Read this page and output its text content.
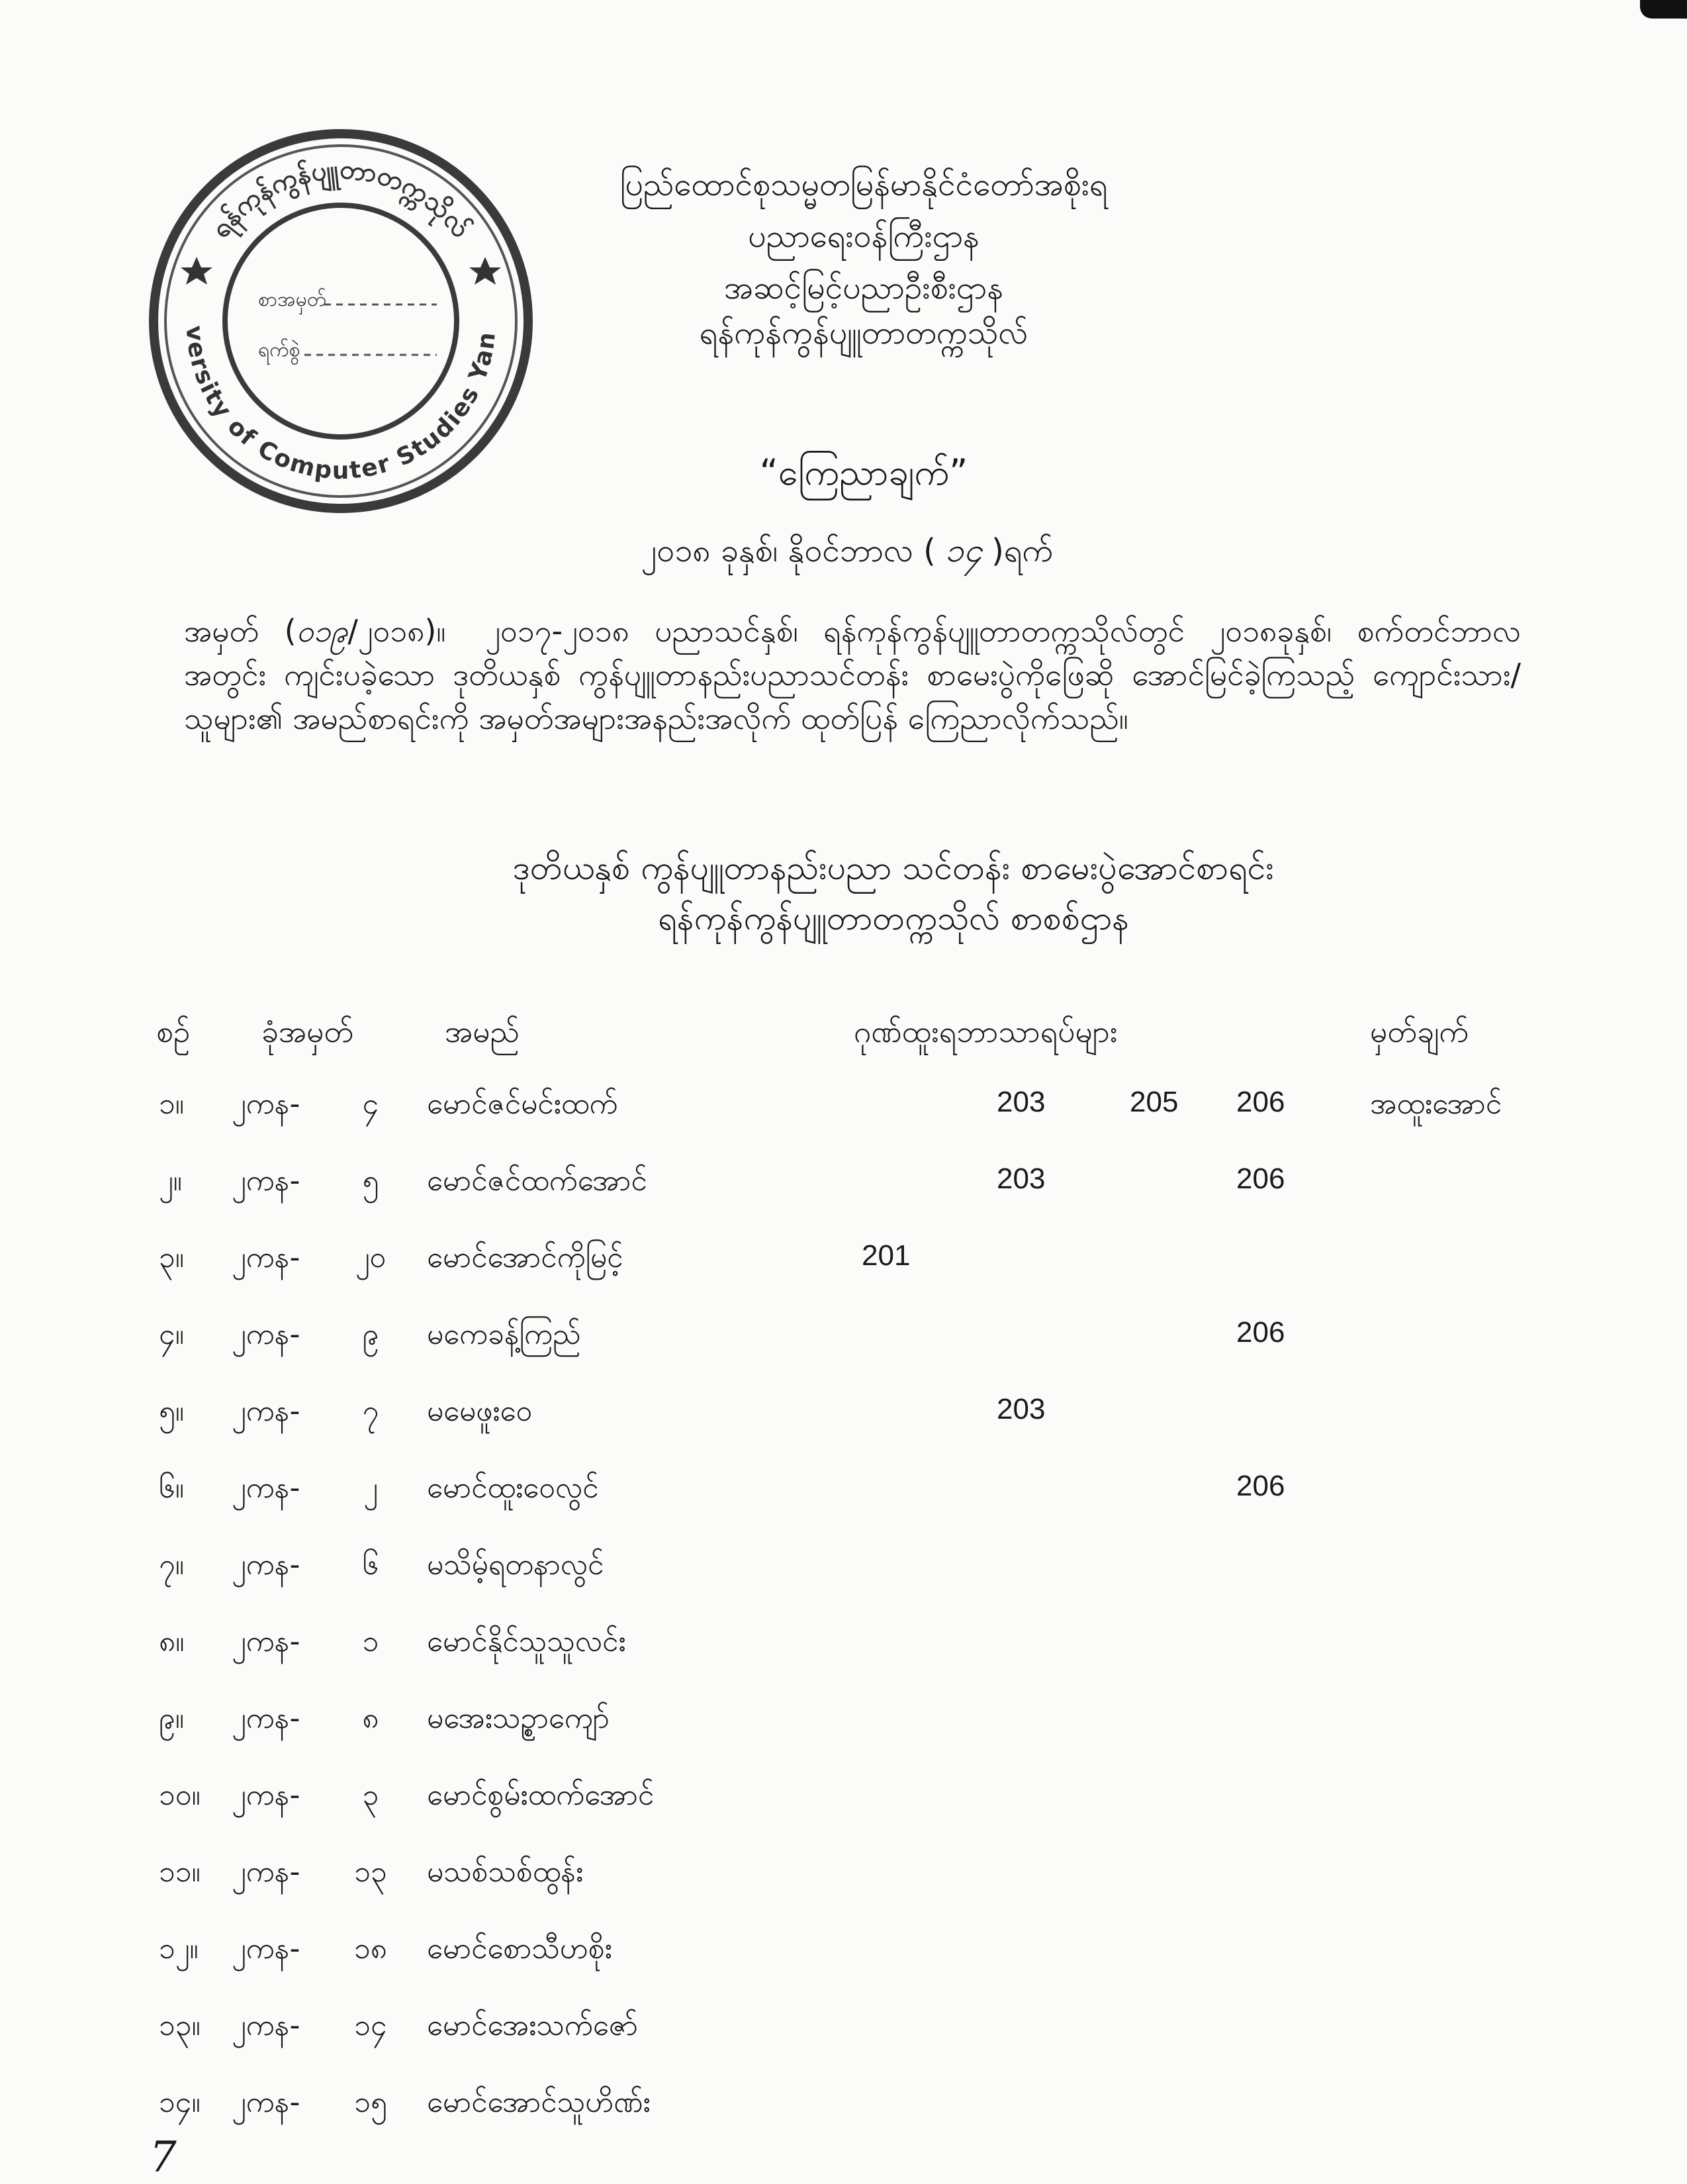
ရန်ကုန်ကွန်ပျူတာတက္ကသိုလ်
versity of Computer Studies Yan
စာအမှတ်
ရက်စွဲ
ပြည်ထောင်စုသမ္မတမြန်မာနိုင်ငံတော်အစိုးရ
ပညာရေးဝန်ကြီးဌာန
အဆင့်မြင့်ပညာဦးစီးဌာန
ရန်ကုန်ကွန်ပျူတာတက္ကသိုလ်
“ကြေညာချက်”
၂၀၁၈ ခုနှစ်၊ နိုဝင်ဘာလ ( ၁၄ )ရက်
အမှတ် (၀၁၉/၂၀၁၈)။ ၂၀၁၇-၂၀၁၈ ပညာသင်နှစ်၊ ရန်ကုန်ကွန်ပျူတာတက္ကသိုလ်တွင် ၂၀၁၈ခုနှစ်၊ စက်တင်ဘာလအတွင်း ကျင်းပခဲ့သော ဒုတိယနှစ် ကွန်ပျူတာနည်းပညာသင်တန်း စာမေးပွဲကိုဖြေဆို အောင်မြင်ခဲ့ကြသည့် ကျောင်းသား/သူများ၏ အမည်စာရင်းကို အမှတ်အများအနည်းအလိုက် ထုတ်ပြန် ကြေညာလိုက်သည်။
ဒုတိယနှစ် ကွန်ပျူတာနည်းပညာ သင်တန်း စာမေးပွဲအောင်စာရင်း
ရန်ကုန်ကွန်ပျူတာတက္ကသိုလ် စာစစ်ဌာန
စဥ် ခုံအမှတ်	အမည်	ဂုဏ်ထူးရဘာသာရပ်များ	မှတ်ချက်
၁။ ၂ကန-	၄	မောင်ဇင်မင်းထက်	203	205 206	အထူးအောင်
၂။ ၂ကန-	၅	မောင်ဇင်ထက်အောင်	203	206
၃။ ၂ကန- ၂၀ မောင်အောင်ကိုမြင့်	201
၄။ ၂ကန-	၉	မကေခန့်ကြည်	206
၅။ ၂ကန-	၇	မမေဖူးဝေ	203
၆။ ၂ကန-	၂	မောင်ထူးဝေလွင်	206
၇။ ၂ကန-	၆	မသိမ့်ရတနာလွင်
၈။ ၂ကန-	၁	မောင်နိုင်သူသူလင်း
၉။ ၂ကန-	၈	မအေးသဥ္စာကျော်
၁၀။ ၂ကန-	၃	မောင်စွမ်းထက်အောင်
၁၁။ ၂ကန- ၁၃ မသစ်သစ်ထွန်း
၁၂။ ၂ကန- ၁၈ မောင်စောသီဟစိုး
၁၃။ ၂ကန- ၁၄ မောင်အေးသက်ဇော်
၁၄။ ၂ကန- ၁၅ မောင်အောင်သူဟိဏ်း
7
